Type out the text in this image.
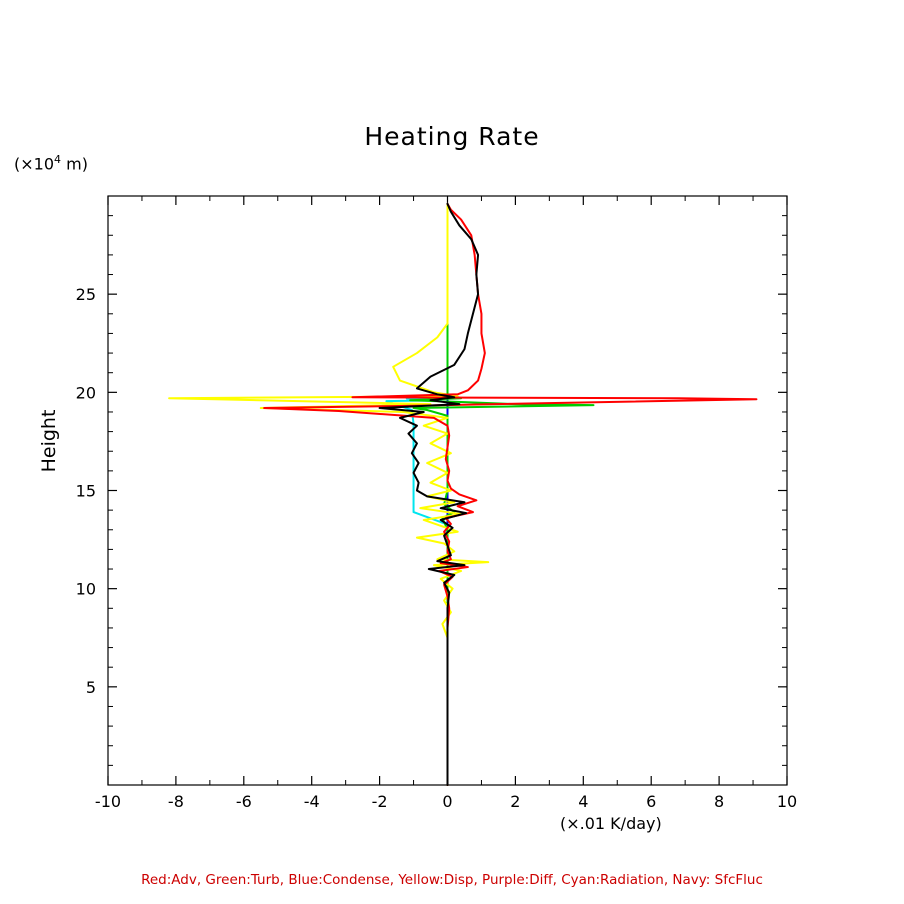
($\times 10^4$ m)
Heating Rate
Height
-10	-8	-6	-4	-2	0	2	4	6	8	10
5
10
15
20
25
(×.01 K/day)
Red:Adv, Green:Turb, Blue:Condense, Yellow:Disp, Purple:Diff, Cyan:Radiation, Navy: SfcFluc
